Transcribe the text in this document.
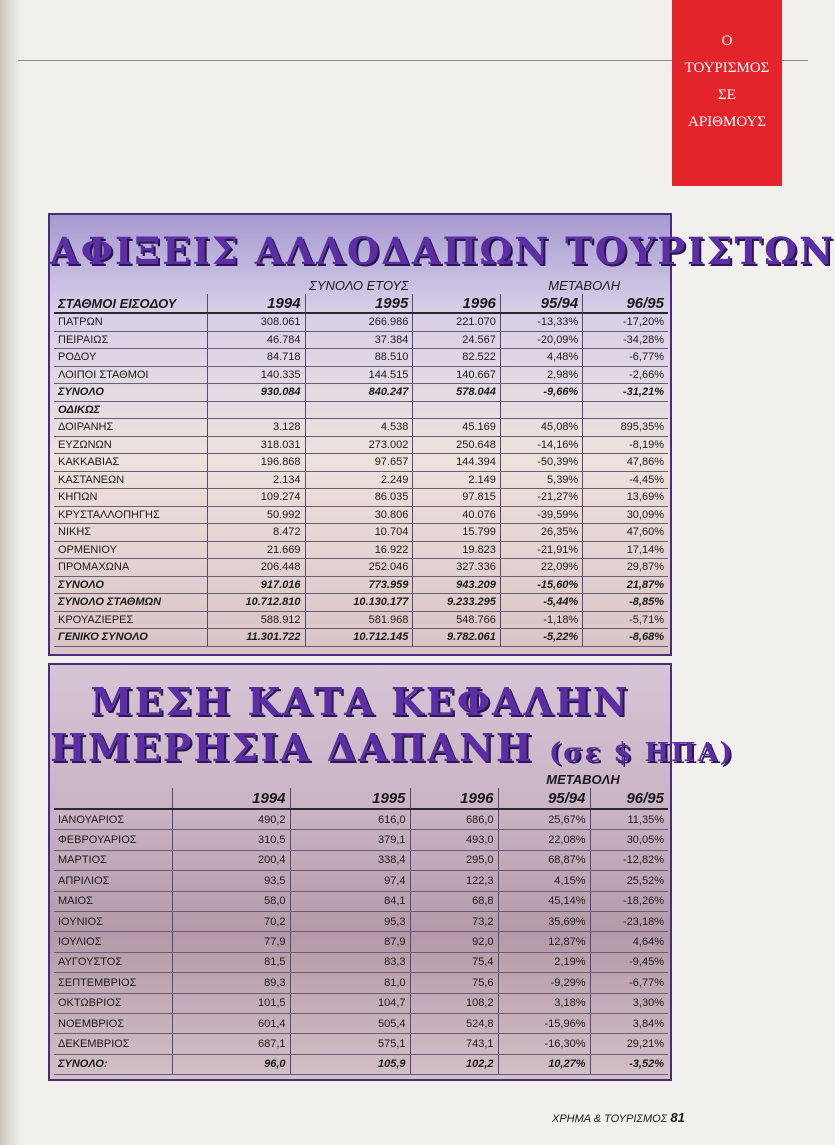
Ο
ΤΟΥΡΙΣΜΟΣ
ΣΕ
ΑΡΙΘΜΟΥΣ
ΑΦΙΞΕΙΣ ΑΛΛΟΔΑΠΩΝ ΤΟΥΡΙΣΤΩΝ
		ΣΥΝΟΛΟ ΕΤΟΥΣ		ΜΕΤΑΒΟΛΗ	
ΣΤΑΘΜΟΙ ΕΙΣΟΔΟΥ	1994	1995	1996	95/94	96/95
ΠΑΤΡΩΝ	308.061	266.986	221.070	-13,33%	-17,20%
ΠΕΙΡΑΙΩΣ	46.784	37.384	24.567	-20,09%	-34,28%
ΡΟΔΟΥ	84.718	88.510	82.522	4,48%	-6,77%
ΛΟΙΠΟΙ ΣΤΑΘΜΟΙ	140.335	144.515	140.667	2,98%	-2,66%
ΣΥΝΟΛΟ	930.084	840.247	578.044	-9,66%	-31,21%
ΟΔΙΚΩΣ					
ΔΟΙΡΑΝΗΣ	3.128	4.538	45.169	45,08%	895,35%
ΕΥΖΩΝΩΝ	318.031	273.002	250.648	-14,16%	-8,19%
ΚΑΚΚΑΒΙΑΣ	196.868	97.657	144.394	-50,39%	47,86%
ΚΑΣΤΑΝΕΩΝ	2.134	2.249	2.149	5,39%	-4,45%
ΚΗΠΩΝ	109.274	86.035	97.815	-21,27%	13,69%
ΚΡΥΣΤΑΛΛΟΠΗΓΗΣ	50.992	30.806	40.076	-39,59%	30,09%
ΝΙΚΗΣ	8.472	10.704	15.799	26,35%	47,60%
ΟΡΜΕΝΙΟΥ	21.669	16.922	19.823	-21,91%	17,14%
ΠΡΟΜΑΧΩΝΑ	206.448	252.046	327.336	22,09%	29,87%
ΣΥΝΟΛΟ	917.016	773.959	943.209	-15,60%	21,87%
ΣΥΝΟΛΟ ΣΤΑΘΜΩΝ	10.712.810	10.130.177	9.233.295	-5,44%	-8,85%
ΚΡΟΥΑΖΙΕΡΕΣ	588.912	581.968	548.766	-1,18%	-5,71%
ΓΕΝΙΚΟ ΣΥΝΟΛΟ	11.301.722	10.712.145	9.782.061	-5,22%	-8,68%
ΜΕΣΗ ΚΑΤΑ ΚΕΦΑΛΗΝ
ΗΜΕΡΗΣΙΑ ΔΑΠΑΝΗ (σε $ ΗΠΑ)
				ΜΕΤΑΒΟΛΗ	
	1994	1995	1996	95/94	96/95
ΙΑΝΟΥΑΡΙΟΣ	490,2	616,0	686,0	25,67%	11,35%
ΦΕΒΡΟΥΑΡΙΟΣ	310,5	379,1	493,0	22,08%	30,05%
ΜΑΡΤΙΟΣ	200,4	338,4	295,0	68,87%	-12,82%
ΑΠΡΙΛΙΟΣ	93,5	97,4	122,3	4,15%	25,52%
ΜΑΙΟΣ	58,0	84,1	68,8	45,14%	-18,26%
ΙΟΥΝΙΟΣ	70,2	95,3	73,2	35,69%	-23,18%
ΙΟΥΛΙΟΣ	77,9	87,9	92,0	12,87%	4,64%
ΑΥΓΟΥΣΤΟΣ	81,5	83,3	75,4	2,19%	-9,45%
ΣΕΠΤΕΜΒΡΙΟΣ	89,3	81,0	75,6	-9,29%	-6,77%
ΟΚΤΩΒΡΙΟΣ	101,5	104,7	108,2	3,18%	3,30%
ΝΟΕΜΒΡΙΟΣ	601,4	505,4	524,8	-15,96%	3,84%
ΔΕΚΕΜΒΡΙΟΣ	687,1	575,1	743,1	-16,30%	29,21%
ΣΥΝΟΛΟ:	96,0	105,9	102,2	10,27%	-3,52%
ΧΡΗΜΑ & ΤΟΥΡΙΣΜΟΣ 81
